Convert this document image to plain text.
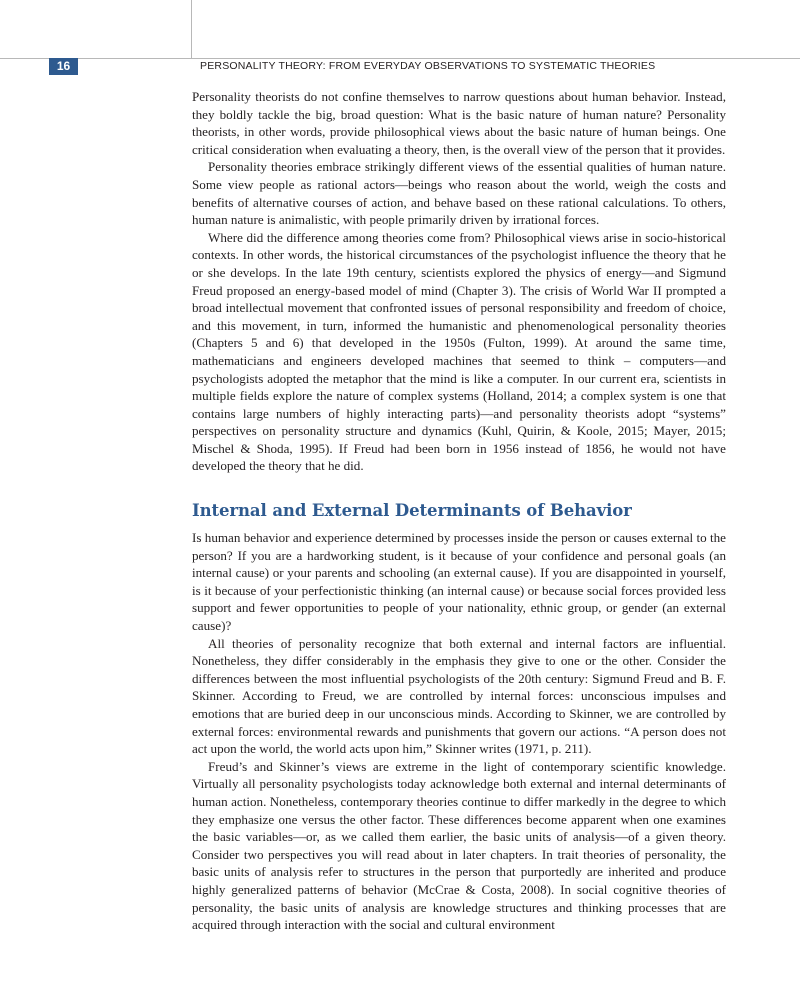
16	PERSONALITY THEORY: FROM EVERYDAY OBSERVATIONS TO SYSTEMATIC THEORIES

Personality theorists do not confine themselves to narrow questions about human behavior. Instead, they boldly tackle the big, broad question: What is the basic nature of human nature? Personality theorists, in other words, provide philosophical views about the basic nature of human beings. One critical consideration when evaluating a theory, then, is the overall view of the person that it provides.

Personality theories embrace strikingly different views of the essential qualities of human nature. Some view people as rational actors—beings who reason about the world, weigh the costs and benefits of alternative courses of action, and behave based on these rational calculations. To others, human nature is animalistic, with people primarily driven by irrational forces.

Where did the difference among theories come from? Philosophical views arise in socio-historical contexts. In other words, the historical circumstances of the psychologist influence the theory that he or she develops. In the late 19th century, scientists explored the physics of energy—and Sigmund Freud proposed an energy-based model of mind (Chapter 3). The crisis of World War II prompted a broad intellectual movement that confronted issues of personal responsibility and freedom of choice, and this movement, in turn, informed the humanistic and phenomenological personality theories (Chapters 5 and 6) that developed in the 1950s (Fulton, 1999). At around the same time, mathematicians and engineers developed machines that seemed to think – computers—and psychologists adopted the metaphor that the mind is like a computer. In our current era, scientists in multiple fields explore the nature of complex systems (Holland, 2014; a complex system is one that contains large numbers of highly interacting parts)—and personality theorists adopt “systems” perspectives on personality structure and dynamics (Kuhl, Quirin, & Koole, 2015; Mayer, 2015; Mischel & Shoda, 1995). If Freud had been born in 1956 instead of 1856, he would not have developed the theory that he did.

Internal and External Determinants of Behavior

Is human behavior and experience determined by processes inside the person or causes external to the person? If you are a hardworking student, is it because of your confidence and personal goals (an internal cause) or your parents and schooling (an external cause). If you are disappointed in yourself, is it because of your perfectionistic thinking (an internal cause) or because social forces provided less support and fewer opportunities to people of your nationality, ethnic group, or gender (an external cause)?

All theories of personality recognize that both external and internal factors are influential. Nonetheless, they differ considerably in the emphasis they give to one or the other. Consider the differences between the most influential psychologists of the 20th century: Sigmund Freud and B. F. Skinner. According to Freud, we are controlled by internal forces: unconscious impulses and emotions that are buried deep in our unconscious minds. According to Skinner, we are controlled by external forces: environmental rewards and punishments that govern our actions. “A person does not act upon the world, the world acts upon him,” Skinner writes (1971, p. 211).

Freud’s and Skinner’s views are extreme in the light of contemporary scientific knowledge. Virtually all personality psychologists today acknowledge both external and internal determinants of human action. Nonetheless, contemporary theories continue to differ markedly in the degree to which they emphasize one versus the other factor. These differences become apparent when one examines the basic variables—or, as we called them earlier, the basic units of analysis—of a given theory. Consider two perspectives you will read about in later chapters. In trait theories of personality, the basic units of analysis refer to structures in the person that purportedly are inherited and produce highly generalized patterns of behavior (McCrae & Costa, 2008). In social cognitive theories of personality, the basic units of analysis are knowledge structures and thinking processes that are acquired through interaction with the social and cultural environment
